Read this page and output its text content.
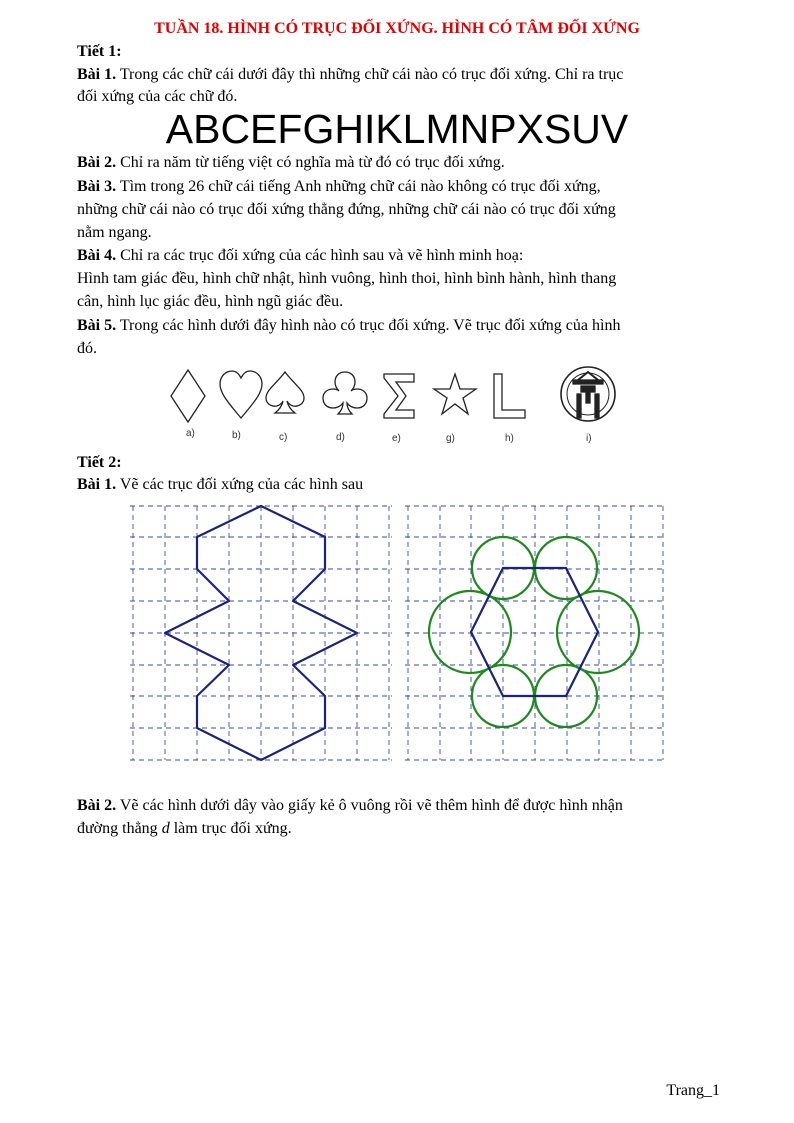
TUẦN 18. HÌNH CÓ TRỤC ĐỐI XỨNG. HÌNH CÓ TÂM ĐỐI XỨNG
Tiết 1:
Bài 1. Trong các chữ cái dưới đây thì những chữ cái nào có trục đối xứng. Chỉ ra trục
đối xứng của các chữ đó.
ABCEFGHIKLMNPXSUV
Bài 2. Chỉ ra năm từ tiếng việt có nghĩa mà từ đó có trục đối xứng.
Bài 3. Tìm trong 26 chữ cái tiếng Anh những chữ cái nào không có trục đối xứng,
những chữ cái nào có trục đối xứng thẳng đứng, những chữ cái nào có trục đối xứng
nằm ngang.
Bài 4. Chỉ ra các trục đối xứng của các hình sau và vẽ hình minh hoạ:
Hình tam giác đều, hình chữ nhật, hình vuông, hình thoi, hình bình hành, hình thang
cân, hình lục giác đều, hình ngũ giác đều.
Bài 5. Trong các hình dưới đây hình nào có trục đối xứng. Vẽ trục đối xứng của hình
đó.
a)	b)	c)	d)	e)	g)	h)	i)
Tiết 2:
Bài 1. Vẽ các trục đối xứng của các hình sau
Bài 2. Vẽ các hình dưới dây vào giấy kẻ ô vuông rồi vẽ thêm hình để được hình nhận
đường thẳng d làm trục đối xứng.
Trang_1
